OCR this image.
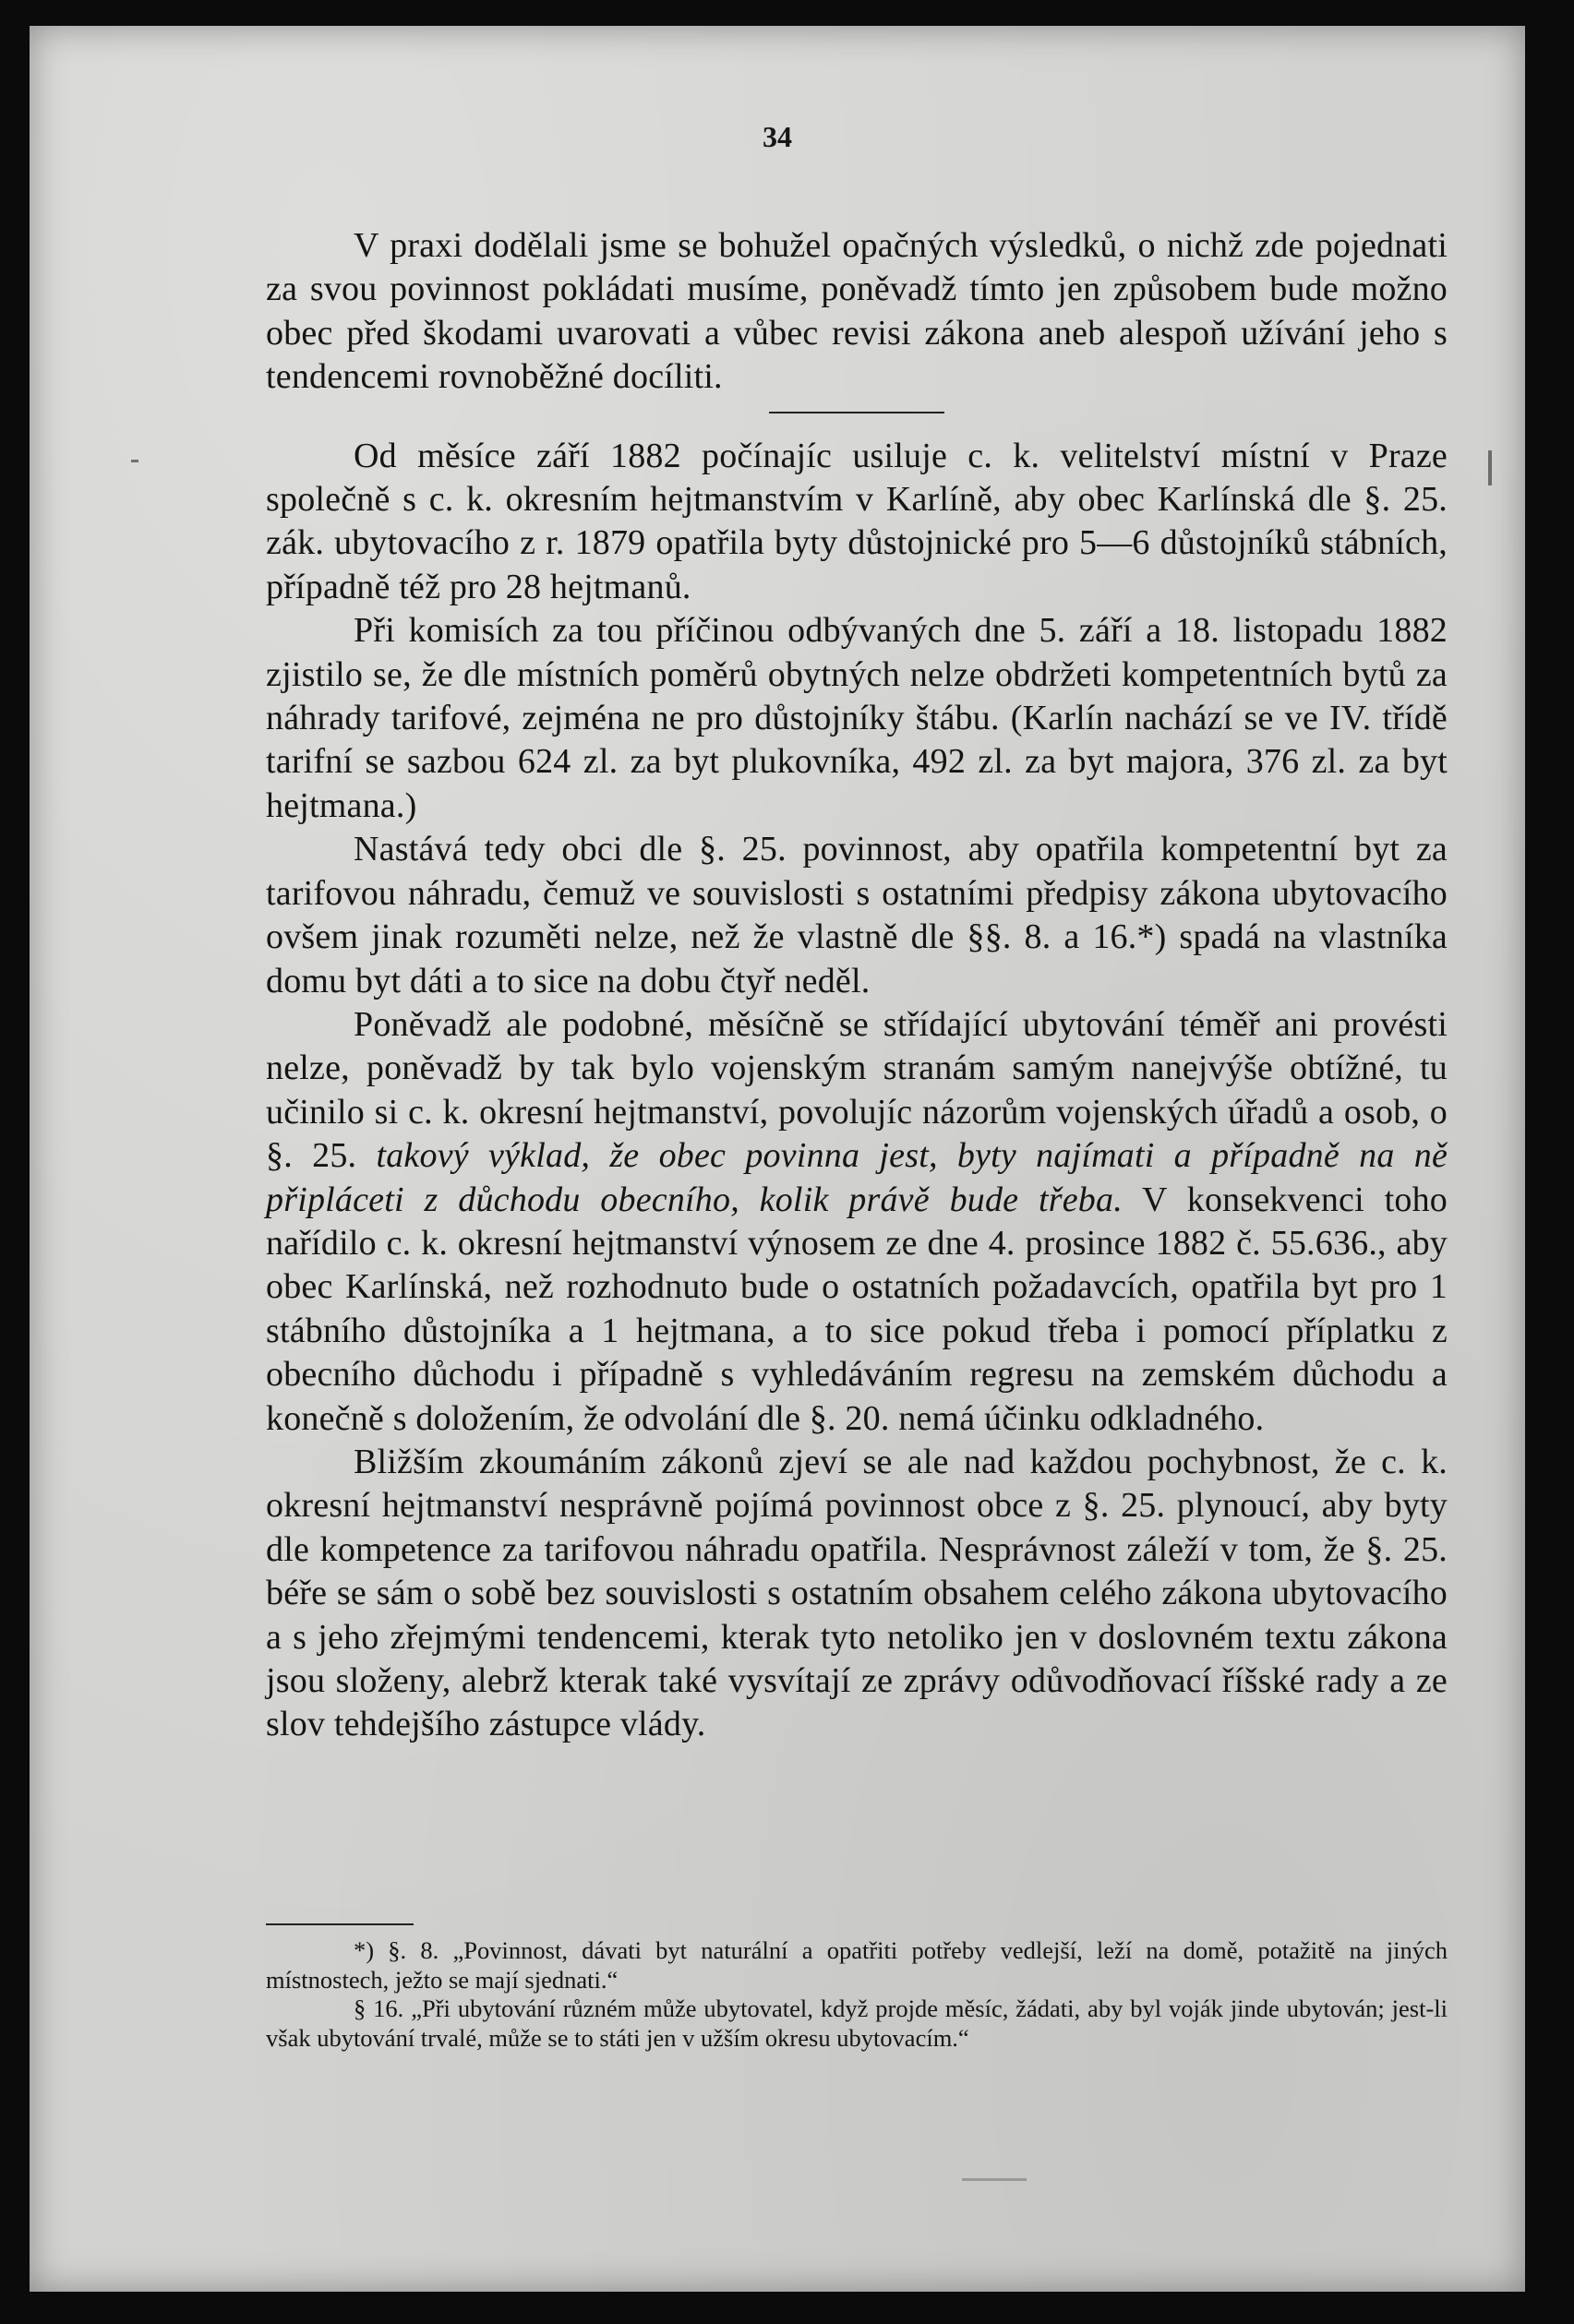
34

V praxi dodělali jsme se bohužel opačných výsledků, o nichž zde pojednati za svou povinnost pokládati musíme, poněvadž tímto jen způsobem bude možno obec před škodami uvarovati a vůbec revisi zákona aneb alespoň užívání jeho s tendencemi rovnoběžné docíliti.

Od měsíce září 1882 počínajíc usiluje c. k. velitelství místní v Praze společně s c. k. okresním hejtmanstvím v Karlíně, aby obec Karlínská dle §. 25. zák. ubytovacího z r. 1879 opatřila byty důstojnické pro 5—6 důstojníků stábních, případně též pro 28 hejtmanů.

Při komisích za tou příčinou odbývaných dne 5. září a 18. listopadu 1882 zjistilo se, že dle místních poměrů obytných nelze obdržeti kompetentních bytů za náhrady tarifové, zejména ne pro důstojníky štábu. (Karlín nachází se ve IV. třídě tarifní se sazbou 624 zl. za byt plukovníka, 492 zl. za byt majora, 376 zl. za byt hejtmana.)

Nastává tedy obci dle §. 25. povinnost, aby opatřila kompetentní byt za tarifovou náhradu, čemuž ve souvislosti s ostatními předpisy zákona ubytovacího ovšem jinak rozuměti nelze, než že vlastně dle §§. 8. a 16.*) spadá na vlastníka domu byt dáti a to sice na dobu čtyř neděl.

Poněvadž ale podobné, měsíčně se střídající ubytování téměř ani provésti nelze, poněvadž by tak bylo vojenským stranám samým nanejvýše obtížné, tu učinilo si c. k. okresní hejtmanství, povolujíc názorům vojenských úřadů a osob, o §. 25. takový výklad, že obec povinna jest, byty najímati a případně na ně připláceti z důchodu obecního, kolik právě bude třeba. V konsekvenci toho nařídilo c. k. okresní hejtmanství výnosem ze dne 4. prosince 1882 č. 55.636., aby obec Karlínská, než rozhodnuto bude o ostatních požadavcích, opatřila byt pro 1 stábního důstojníka a 1 hejtmana, a to sice pokud třeba i pomocí příplatku z obecního důchodu i případně s vyhledáváním regresu na zemském důchodu a konečně s doložením, že odvolání dle §. 20. nemá účinku odkladného.

Bližším zkoumáním zákonů zjeví se ale nad každou pochybnost, že c. k. okresní hejtmanství nesprávně pojímá povinnost obce z §. 25. plynoucí, aby byty dle kompetence za tarifovou náhradu opatřila. Nesprávnost záleží v tom, že §. 25. béře se sám o sobě bez souvislosti s ostatním obsahem celého zákona ubytovacího a s jeho zřejmými tendencemi, kterak tyto netoliko jen v doslovném textu zákona jsou složeny, alebrž kterak také vysvítají ze zprávy odůvodňovací říšské rady a ze slov tehdejšího zástupce vlády.

*) §. 8. „Povinnost, dávati byt naturální a opatřiti potřeby vedlejší, leží na domě, potažitě na jiných místnostech, ježto se mají sjednati.“

§ 16. „Při ubytování různém může ubytovatel, když projde měsíc, žádati, aby byl voják jinde ubytován; jest-li však ubytování trvalé, může se to státi jen v užším okresu ubytovacím.“
